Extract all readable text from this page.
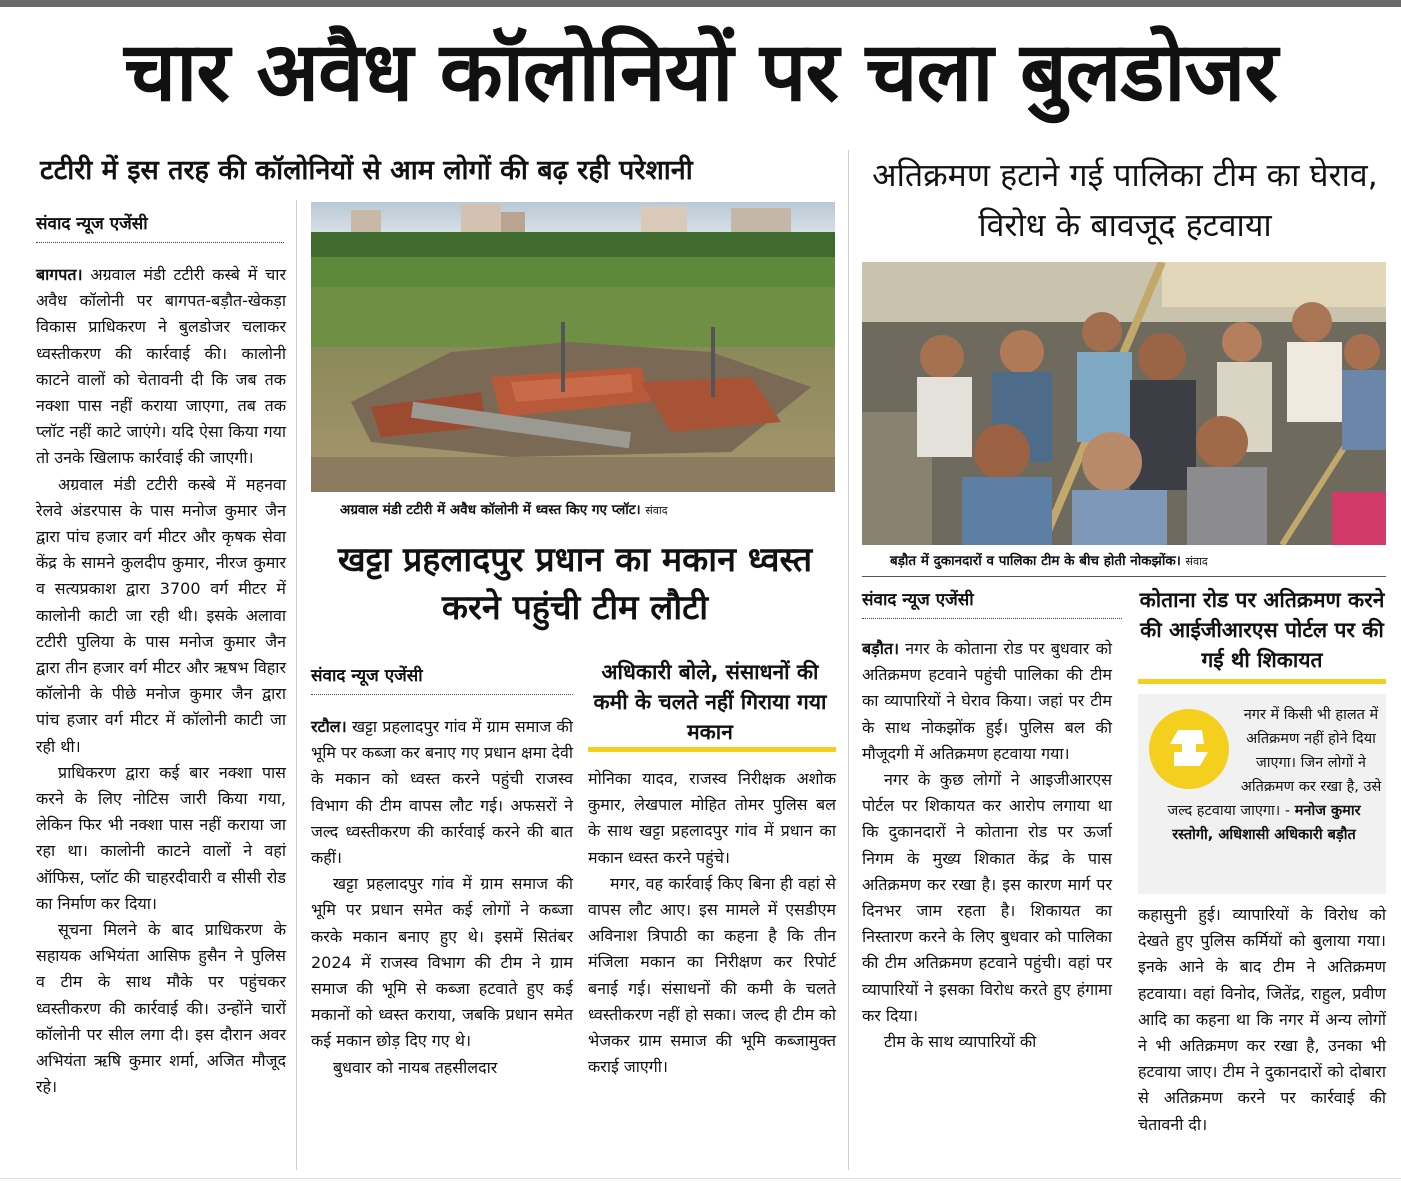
चार अवैध कॉलोनियों पर चला बुलडोजर
टटीरी में इस तरह की कॉलोनियों से आम लोगों की बढ़ रही परेशानी
संवाद न्यूज एजेंसी

बागपत। अग्रवाल मंडी टटीरी कस्बे में चार अवैध कॉलोनी पर बागपत-बड़ौत-खेकड़ा विकास प्राधिकरण ने बुलडोजर चलाकर ध्वस्तीकरण की कार्रवाई की। कालोनी काटने वालों को चेतावनी दी कि जब तक नक्शा पास नहीं कराया जाएगा, तब तक प्लॉट नहीं काटे जाएंगे। यदि ऐसा किया गया तो उनके खिलाफ कार्रवाई की जाएगी।

अग्रवाल मंडी टटीरी कस्बे में महनवा रेलवे अंडरपास के पास मनोज कुमार जैन द्वारा पांच हजार वर्ग मीटर और कृषक सेवा केंद्र के सामने कुलदीप कुमार, नीरज कुमार व सत्यप्रकाश द्वारा 3700 वर्ग मीटर में कालोनी काटी जा रही थी। इसके अलावा टटीरी पुलिया के पास मनोज कुमार जैन द्वारा तीन हजार वर्ग मीटर और ऋषभ विहार कॉलोनी के पीछे मनोज कुमार जैन द्वारा पांच हजार वर्ग मीटर में कॉलोनी काटी जा रही थी।

प्राधिकरण द्वारा कई बार नक्शा पास करने के लिए नोटिस जारी किया गया, लेकिन फिर भी नक्शा पास नहीं कराया जा रहा था। कालोनी काटने वालों ने वहां ऑफिस, प्लॉट की चाहरदीवारी व सीसी रोड का निर्माण कर दिया।

सूचना मिलने के बाद प्राधिकरण के सहायक अभियंता आसिफ हुसैन ने पुलिस व टीम के साथ मौके पर पहुंचकर ध्वस्तीकरण की कार्रवाई की। उन्होंने चारों कॉलोनी पर सील लगा दी। इस दौरान अवर अभियंता ऋषि कुमार शर्मा, अजित मौजूद रहे।

अग्रवाल मंडी टटीरी में अवैध कॉलोनी में ध्वस्त किए गए प्लॉट। संवाद
खट्टा प्रहलादपुर प्रधान का मकान ध्वस्त करने पहुंची टीम लौटी
संवाद न्यूज एजेंसी

रटौल। खट्टा प्रहलादपुर गांव में ग्राम समाज की भूमि पर कब्जा कर बनाए गए प्रधान क्षमा देवी के मकान को ध्वस्त करने पहुंची राजस्व विभाग की टीम वापस लौट गई। अफसरों ने जल्द ध्वस्तीकरण की कार्रवाई करने की बात कहीं।

खट्टा प्रहलादपुर गांव में ग्राम समाज की भूमि पर प्रधान समेत कई लोगों ने कब्जा करके मकान बनाए हुए थे। इसमें सितंबर 2024 में राजस्व विभाग की टीम ने ग्राम समाज की भूमि से कब्जा हटवाते हुए कई मकानों को ध्वस्त कराया, जबकि प्रधान समेत कई मकान छोड़ दिए गए थे।

बुधवार को नायब तहसीलदार

अधिकारी बोले, संसाधनों की कमी के चलते नहीं गिराया गया मकान

मोनिका यादव, राजस्व निरीक्षक अशोक कुमार, लेखपाल मोहित तोमर पुलिस बल के साथ खट्टा प्रहलादपुर गांव में प्रधान का मकान ध्वस्त करने पहुंचे।

मगर, वह कार्रवाई किए बिना ही वहां से वापस लौट आए। इस मामले में एसडीएम अविनाश त्रिपाठी का कहना है कि तीन मंजिला मकान का निरीक्षण कर रिपोर्ट बनाई गई। संसाधनों की कमी के चलते ध्वस्तीकरण नहीं हो सका। जल्द ही टीम को भेजकर ग्राम समाज की भूमि कब्जामुक्त कराई जाएगी।

अतिक्रमण हटाने गई पालिका टीम का घेराव, विरोध के बावजूद हटवाया
बड़ौत में दुकानदारों व पालिका टीम के बीच होती नोकझोंक। संवाद
संवाद न्यूज एजेंसी

बड़ौत। नगर के कोताना रोड पर बुधवार को अतिक्रमण हटवाने पहुंची पालिका की टीम का व्यापारियों ने घेराव किया। जहां पर टीम के साथ नोकझोंक हुई। पुलिस बल की मौजूदगी में अतिक्रमण हटवाया गया।

नगर के कुछ लोगों ने आइजीआरएस पोर्टल पर शिकायत कर आरोप लगाया था कि दुकानदारों ने कोताना रोड पर ऊर्जा निगम के मुख्य शिकात केंद्र के पास अतिक्रमण कर रखा है। इस कारण मार्ग पर दिनभर जाम रहता है। शिकायत का निस्तारण करने के लिए बुधवार को पालिका की टीम अतिक्रमण हटवाने पहुंची। वहां पर व्यापारियों ने इसका विरोध करते हुए हंगामा कर दिया।

टीम के साथ व्यापारियों की

कोताना रोड पर अतिक्रमण करने की आईजीआरएस पोर्टल पर की गई थी शिकायत

नगर में किसी भी हालत में अतिक्रमण नहीं होने दिया जाएगा। जिन लोगों ने अतिक्रमण कर रखा है, उसे जल्द हटवाया जाएगा। - मनोज कुमार रस्तोगी, अधिशासी अधिकारी बड़ौत

कहासुनी हुई। व्यापारियों के विरोध को देखते हुए पुलिस कर्मियों को बुलाया गया। इनके आने के बाद टीम ने अतिक्रमण हटवाया। वहां विनोद, जितेंद्र, राहुल, प्रवीण आदि का कहना था कि नगर में अन्य लोगों ने भी अतिक्रमण कर रखा है, उनका भी हटवाया जाए। टीम ने दुकानदारों को दोबारा से अतिक्रमण करने पर कार्रवाई की चेतावनी दी।
